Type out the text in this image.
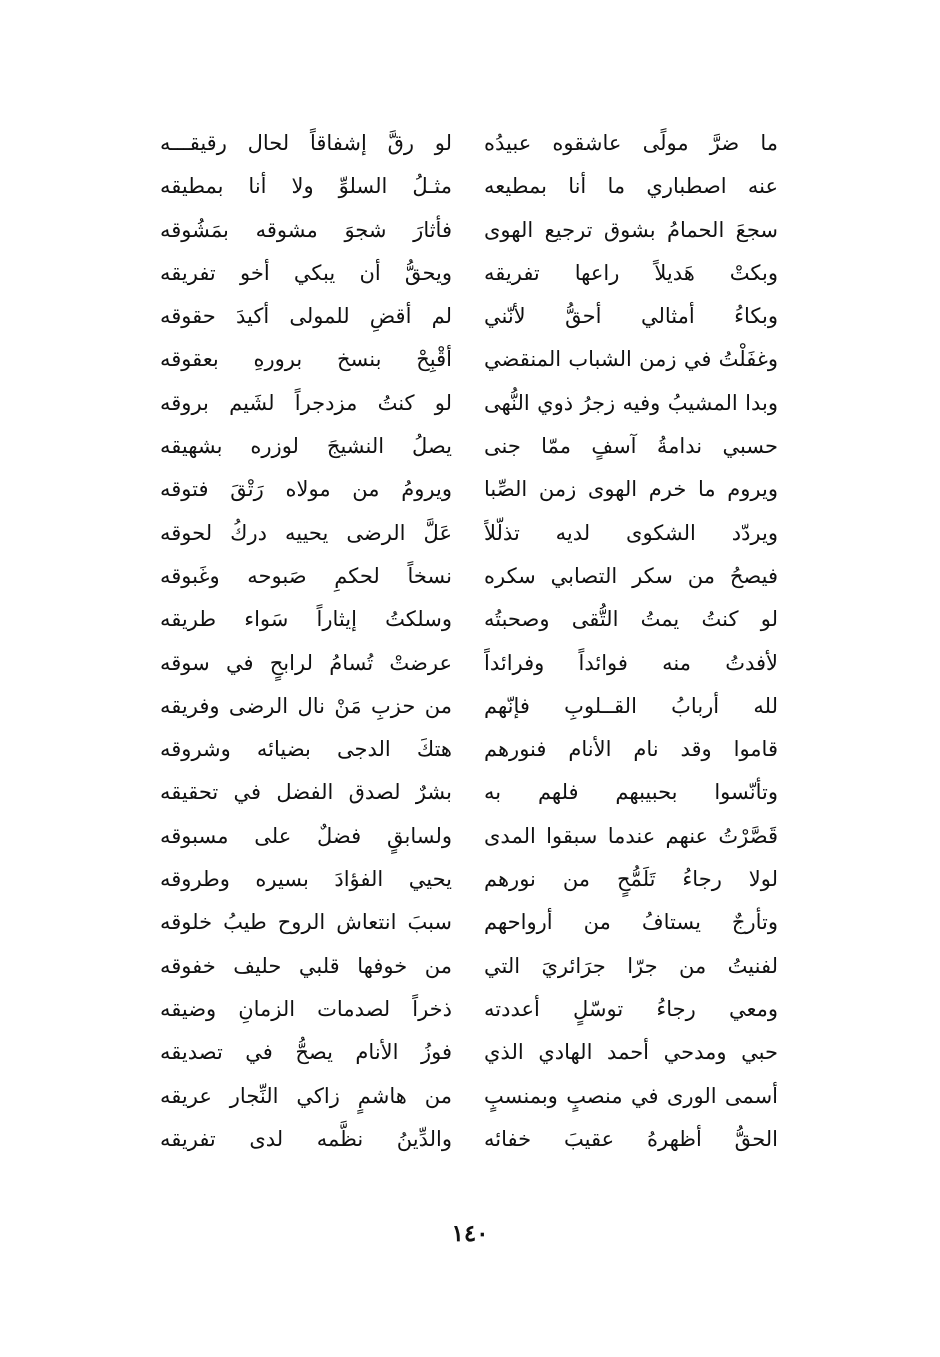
ما ضرَّ مولًى عاشقوه عبيدُه
عنه اصطباري ما أنا بمطيعه
سجعَ الحمامُ بشوق ترجيع الهوى
وبكتْ هَديلاً راعها تفريقه
وبكاءُ أمثالي أحقُّ لأنّني
وغفَلْتُ في زمن الشباب المنقضي
وبدا المشيبُ وفيه زجرُ ذوي النُّهى
حسبي ندامةُ آسفٍ ممّا جنى
ويروم ما خرم الهوى زمن الصِّبا
ويردّد الشكوى لديه تذلّلاً
فيصحُ من سكر التصابي سكره
لو كنتُ يمتُ التُّقى وصحبتُه
لأفدتُ منه فوائداً وفرائداً
لله أربابُ القــلوبِ فإنّهم
قاموا وقد نام الأنام فنورهم
وتأنّسوا بحبيبهم فلهم به
قَصَّرْتُ عنهم عندما سبقوا المدى
لولا رجاءُ تَلَمُّحٍ من نورهم
وتأرجٌ يستافُ من أرواحهم
لفنيتُ من جرّا جرَائريَ التي
ومعي رجاءُ توسّلٍ أعددته
حبي ومدحي أحمد الهادي الذي
أسمى الورى في منصبٍ وبمنسبٍ
الحقُّ أظهرهُ عقيبَ خفائه
لو رقَّ إشفاقاً لحال رقيقـــه
مثـلُ السلوِّ ولا أنا بمطيقه
فأثارَ شجوَ مشوقه بمَشُوقه
ويحقُّ أن يبكي أخو تفريقه
لم أقضِ للمولى أكيدَ حقوقه
أقْبِحْ بنسخ برورهِ بعقوقه
لو كنتُ مزدجراً لشَيم بروقه
يصلُ النشيجَ لوزره بشهيقه
ويرومُ من مولاه رَتْقَ فتوقه
عَلَّ الرضى يحييه دركُ لحوقه
نسخاً لحكمِ صَبوحه وغَبوقه
وسلكتُ إيثاراً سَواء طريقه
عرضتْ تُسامُ لرابحٍ في سوقه
من حزبِ مَنْ نال الرضى وفريقه
هتكَ الدجى بضيائه وشروقه
بشرٌ لصدق الفضل في تحقيقه
ولسابقٍ فضلٌ على مسبوقه
يحيي الفؤادَ بسيره وطروقه
سببَ انتعاش الروح طيبُ خلوقه
من خوفها قلبي حليف خفوقه
ذخراً لصدمات الزمانِ وضيقه
فوزُ الأنام يصحُّ في تصديقه
من هاشمٍ زاكي النِّجار عريقه
والدِّينُ نظَّمه لدى تفريقه
١٤٠
